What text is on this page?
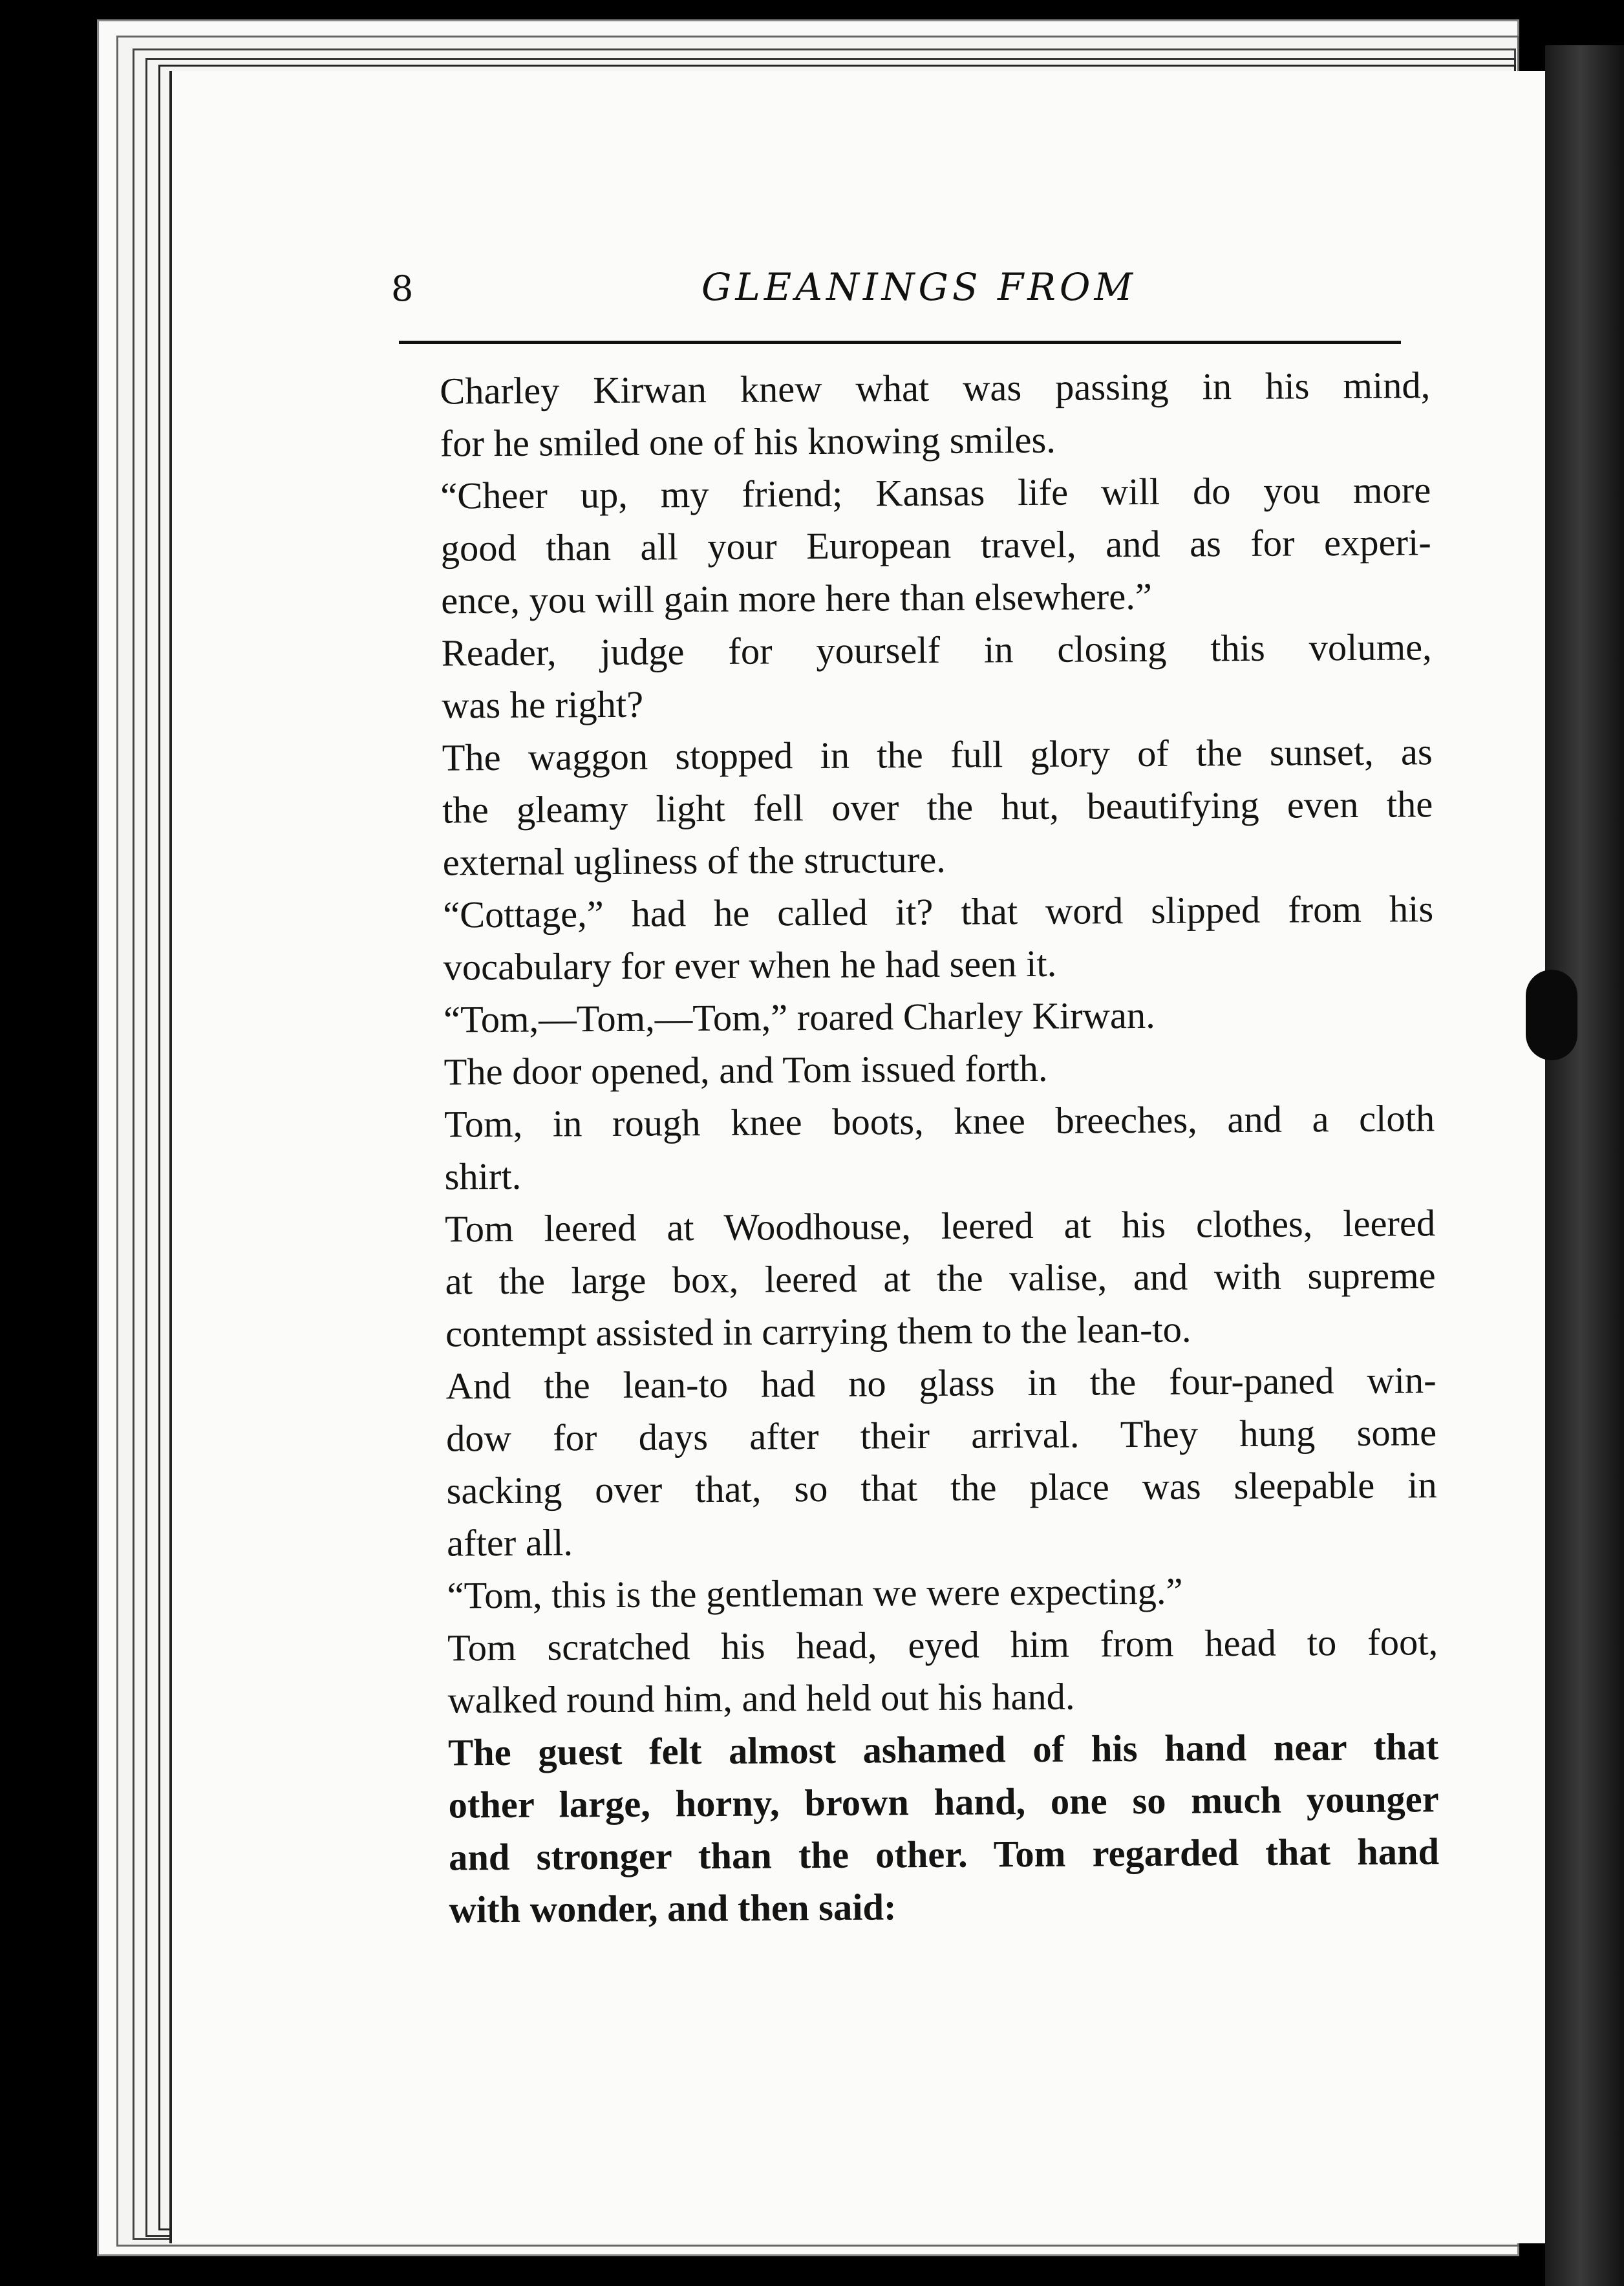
8	GLEANINGS FROM

Charley Kirwan knew what was passing in his mind,
for he smiled one of his knowing smiles.

“Cheer up, my friend; Kansas life will do you more
good than all your European travel, and as for experi-
ence, you will gain more here than elsewhere.”

Reader, judge for yourself in closing this volume,
was he right?

The waggon stopped in the full glory of the sunset, as
the gleamy light fell over the hut, beautifying even the
external ugliness of the structure.

“Cottage,” had he called it? that word slipped from his
vocabulary for ever when he had seen it.

“Tom,—Tom,—Tom,” roared Charley Kirwan.

The door opened, and Tom issued forth.

Tom, in rough knee boots, knee breeches, and a cloth
shirt.

Tom leered at Woodhouse, leered at his clothes, leered
at the large box, leered at the valise, and with supreme
contempt assisted in carrying them to the lean-to.

And the lean-to had no glass in the four-paned win-
dow for days after their arrival. They hung some
sacking over that, so that the place was sleepable in
after all.

“Tom, this is the gentleman we were expecting.”

Tom scratched his head, eyed him from head to foot,
walked round him, and held out his hand.

The guest felt almost ashamed of his hand near that
other large, horny, brown hand, one so much younger
and stronger than the other. Tom regarded that hand
with wonder, and then said:
